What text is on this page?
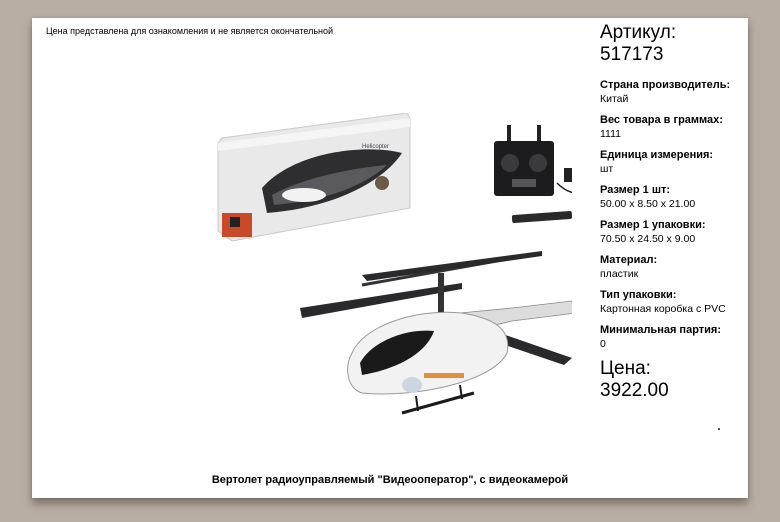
Цена представлена для ознакомления и не является окончательной
Helicopter
Артикул:
517173
Страна производитель:
Китай
Вес товара в граммах:
1111
Единица измерения:
шт
Размер 1 шт:
50.00 x 8.50 x 21.00
Размер 1 упаковки:
70.50 x 24.50 x 9.00
Материал:
пластик
Тип упаковки:
Картонная коробка с PVC
Минимальная партия:
0
Цена:
3922.00
Вертолет радиоуправляемый "Видеооператор", с видеокамерой
